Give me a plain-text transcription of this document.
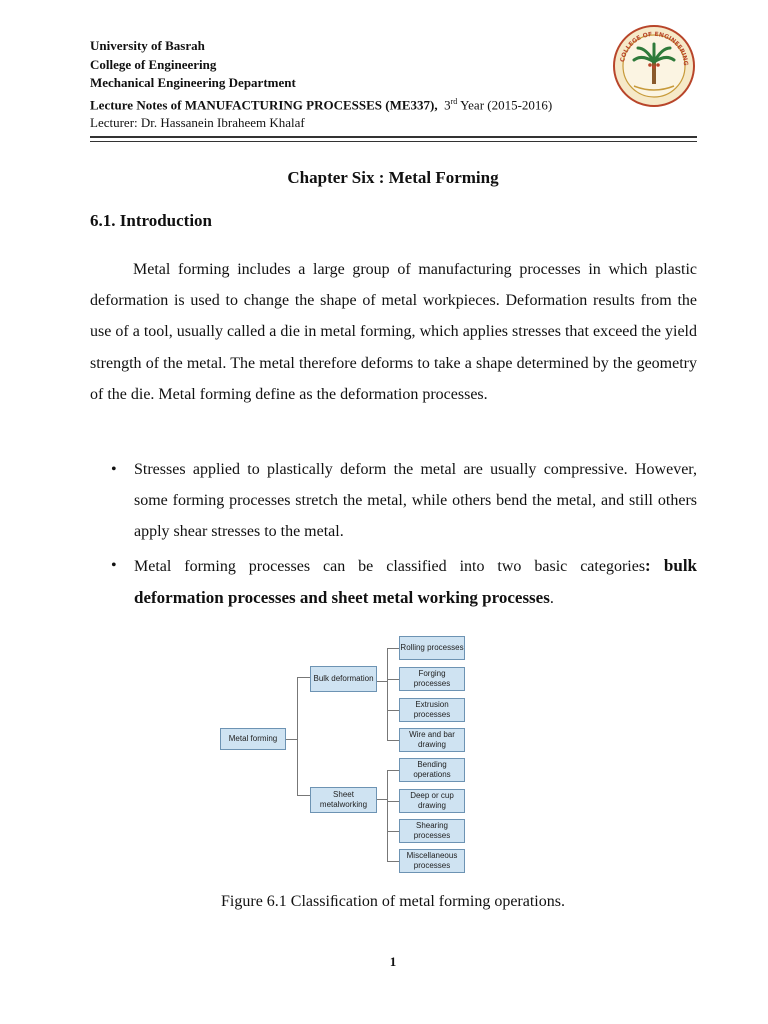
University of Basrah
College of Engineering
Mechanical Engineering Department
Lecture Notes of MANUFACTURING PROCESSES (ME337), 3rd Year (2015-2016)
Lecturer: Dr. Hassanein Ibraheem Khalaf
COLLEGE OF ENGINEERING
Chapter Six : Metal Forming
6.1. Introduction

Metal forming includes a large group of manufacturing processes in which plastic deformation is used to change the shape of metal workpieces. Deformation results from the use of a tool, usually called a die in metal forming, which applies stresses that exceed the yield strength of the metal. The metal therefore deforms to take a shape determined by the geometry of the die. Metal forming define as the deformation processes.

• Stresses applied to plastically deform the metal are usually compressive. However, some forming processes stretch the metal, while others bend the metal, and still others apply shear stresses to the metal.
• Metal forming processes can be classified into two basic categories: bulk deformation processes and sheet metal working processes.
Metal forming
Bulk deformation
Sheet metalworking
Rolling processes
Forging processes
Extrusion processes
Wire and bar drawing
Bending operations
Deep or cup drawing
Shearing processes
Miscellaneous processes
Figure 6.1 Classiﬁcation of metal forming operations.
1
